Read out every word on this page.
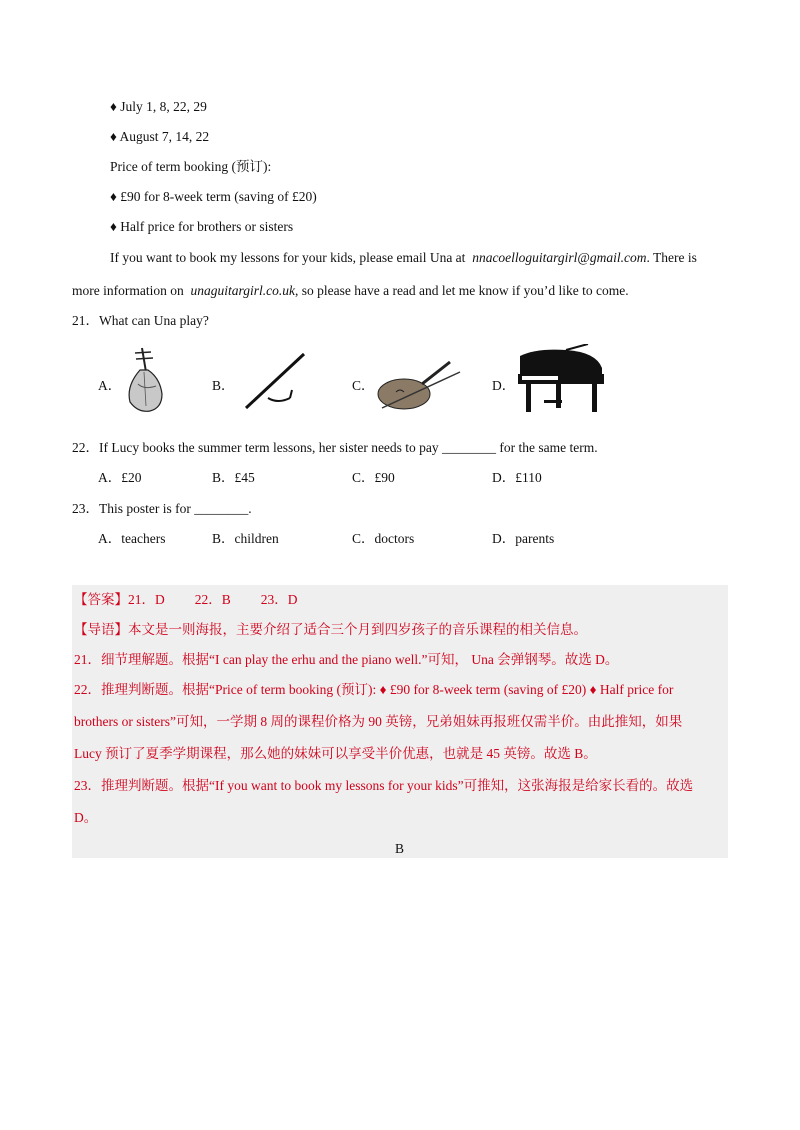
♦ July 1, 8, 22, 29
♦ August 7, 14, 22
Price of term booking (预订):
♦ £90 for 8-week term (saving of £20)
♦ Half price for brothers or sisters
If you want to book my lessons for your kids, please email Una at nnacoelloguitargirl@gmail.com. There is
more information on unaguitargirl.co.uk, so please have a read and let me know if you’d like to come.
21．What can Una play?
A．	B．	C．	D．
22．If Lucy books the summer term lessons, her sister needs to pay ________ for the same term.
A．£20	B．£45	C．£90	D．£110
23．This poster is for ________.
A．teachers	B．children	C．doctors	D．parents
【答案】21．D 22．B 23．D
【导语】本文是一则海报，主要介绍了适合三个月到四岁孩子的音乐课程的相关信息。
21．细节理解题。根据“I can play the erhu and the piano well.”可知， Una 会弹钢琴。故选 D。
22．推理判断题。根据“Price of term booking (预订): ♦ £90 for 8-week term (saving of £20) ♦ Half price for
brothers or sisters”可知，一学期 8 周的课程价格为 90 英镑，兄弟姐妹再报班仅需半价。由此推知，如果
Lucy 预订了夏季学期课程，那么她的妹妹可以享受半价优惠，也就是 45 英镑。故选 B。
23．推理判断题。根据“If you want to book my lessons for your kids”可推知，这张海报是给家长看的。故选
D。
B
